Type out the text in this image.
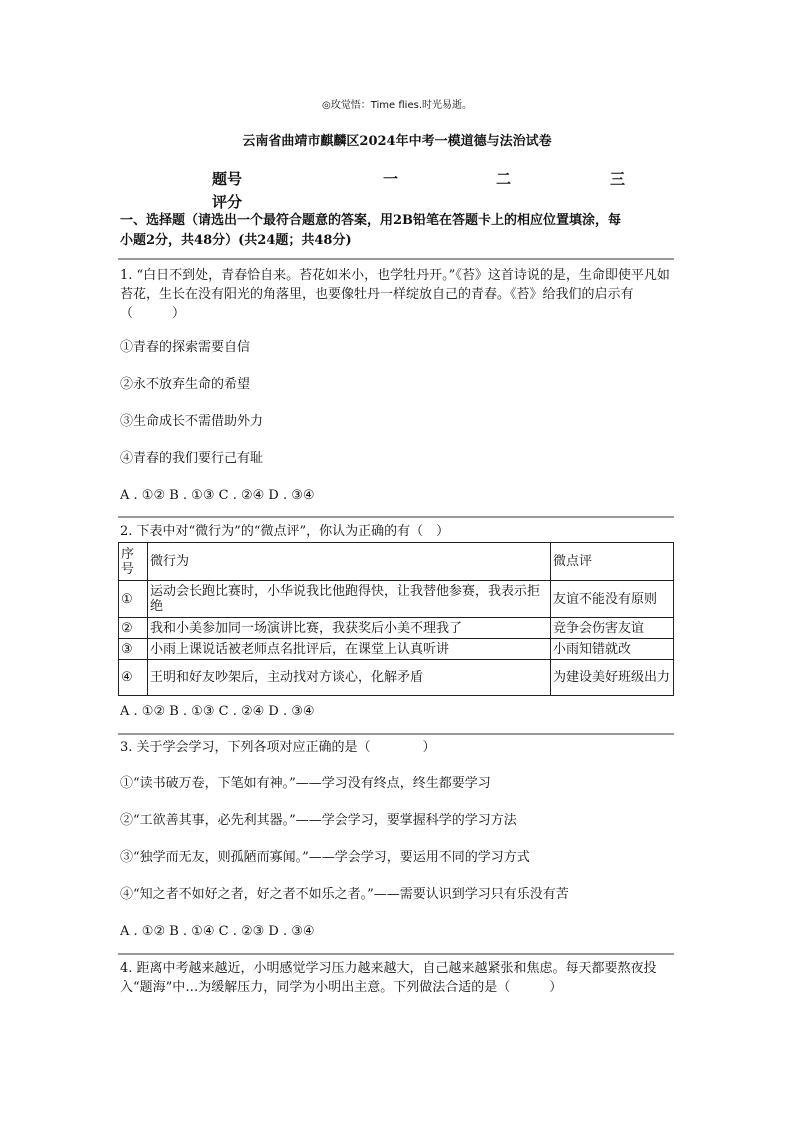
◎玫觉悟：Time flies.时光易逝。
云南省曲靖市麒麟区2024年中考一模道德与法治试卷
题号	一	二	三
评分
一、选择题（请选出一个最符合题意的答案，用2B铅笔在答题卡上的相应位置填涂，每
小题2分，共48分）(共24题；共48分)
1. “白日不到处，青春恰自来。苔花如米小，也学牡丹开。”《苔》这首诗说的是，生命即使平凡如苔花，生长在没有阳光的角落里，也要像牡丹一样绽放自己的青春。《苔》给我们的启示有（　　　）
①青春的探索需要自信
②永不放弃生命的希望
③生命成长不需借助外力
④青春的我们要行己有耻
A . ①② B . ①③ C . ②④ D . ③④
2. 下表中对“微行为”的“微点评”，你认为正确的有（　）
序号	微行为	微点评
①	运动会长跑比赛时，小华说我比他跑得快，让我替他参赛，我表示拒绝	友谊不能没有原则
②	我和小美参加同一场演讲比赛，我获奖后小美不理我了	竞争会伤害友谊
③	小雨上课说话被老师点名批评后，在课堂上认真听讲	小雨知错就改
④	王明和好友吵架后，主动找对方谈心，化解矛盾	为建设美好班级出力
A . ①② B . ①③ C . ②④ D . ③④
3. 关于学会学习，下列各项对应正确的是（　　　　）
①“读书破万卷，下笔如有神。”——学习没有终点，终生都要学习
②“工欲善其事，必先利其器。”——学会学习，要掌握科学的学习方法
③“独学而无友，则孤陋而寡闻。”——学会学习，要运用不同的学习方式
④“知之者不如好之者，好之者不如乐之者。”——需要认识到学习只有乐没有苦
A . ①② B . ①④ C . ②③ D . ③④
4. 距离中考越来越近，小明感觉学习压力越来越大，自己越来越紧张和焦虑。每天都要熬夜投入“题海”中…为缓解压力，同学为小明出主意。下列做法合适的是（　　　）
